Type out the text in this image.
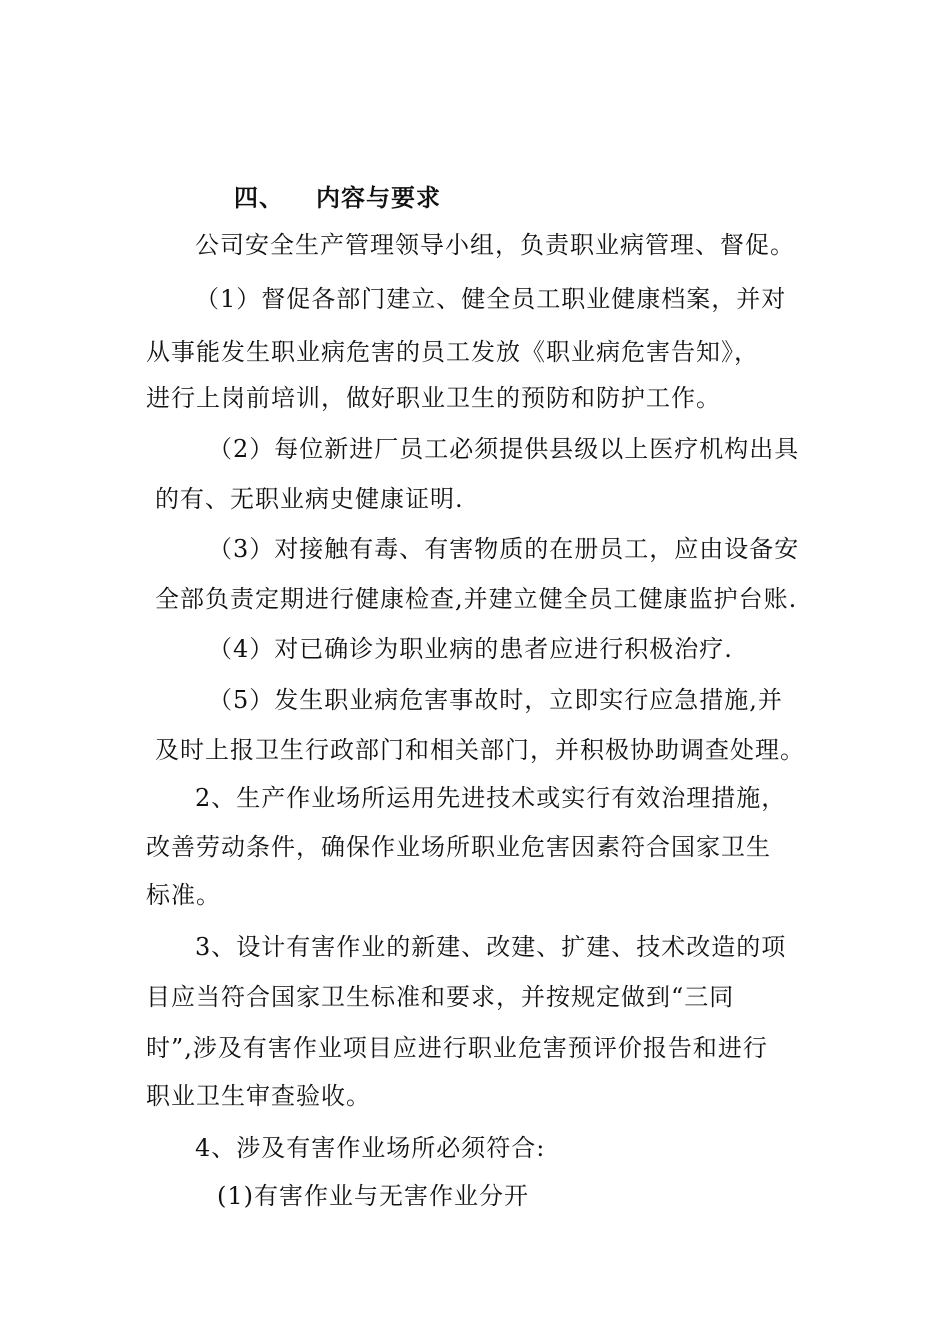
四、 内容与要求
公司安全生产管理领导小组，负责职业病管理、督促。
（1）督促各部门建立、健全员工职业健康档案，并对
从事能发生职业病危害的员工发放《职业病危害告知》，
进行上岗前培训，做好职业卫生的预防和防护工作。
（2）每位新进厂员工必须提供县级以上医疗机构出具
的有、无职业病史健康证明.
（3）对接触有毒、有害物质的在册员工，应由设备安
全部负责定期进行健康检查,并建立健全员工健康监护台账.
（4）对已确诊为职业病的患者应进行积极治疗.
（5）发生职业病危害事故时，立即实行应急措施,并
及时上报卫生行政部门和相关部门，并积极协助调查处理。
2、生产作业场所运用先进技术或实行有效治理措施，
改善劳动条件，确保作业场所职业危害因素符合国家卫生
标准。
3、设计有害作业的新建、改建、扩建、技术改造的项
目应当符合国家卫生标准和要求，并按规定做到“三同
时”,涉及有害作业项目应进行职业危害预评价报告和进行
职业卫生审查验收。
4、涉及有害作业场所必须符合:
(1)有害作业与无害作业分开
